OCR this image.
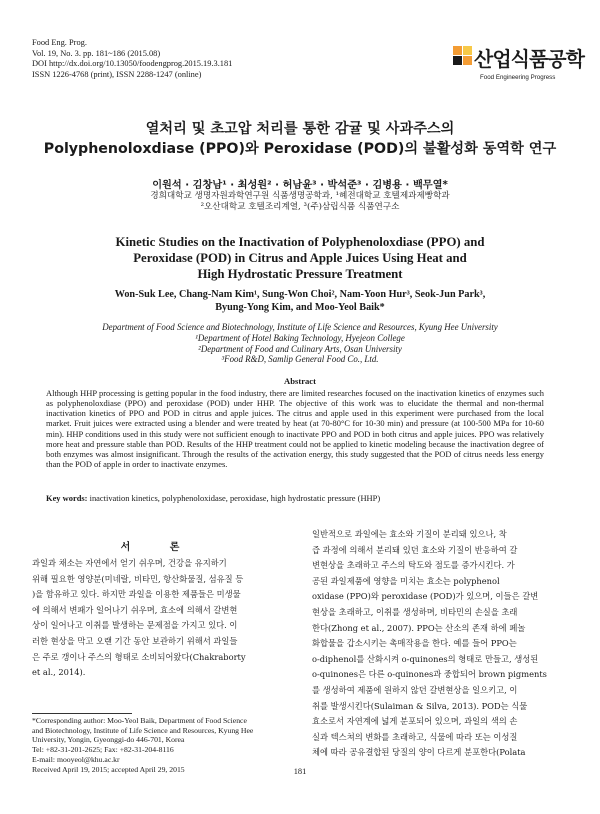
Food Eng. Prog.
Vol. 19, No. 3. pp. 181~186 (2015.08)
DOI http://dx.doi.org/10.13050/foodengprog.2015.19.3.181
ISSN 1226-4768 (print), ISSN 2288-1247 (online)
산업식품공학
Food Engineering Progress
열처리 및 초고압 처리를 통한 감귤 및 사과주스의
Polyphenoloxdiase (PPO)와 Peroxidase (POD)의 불활성화 동역학 연구
이원석 · 김창남¹ · 최성원² · 허남윤³ · 박석준³ · 김병용 · 백무열*
경희대학교 생명자원과학연구원 식품생명공학과, ¹혜전대학교 호텔제과제빵학과
²오산대학교 호텔조리계열, ³(주)삼립식품 식품연구소
Kinetic Studies on the Inactivation of Polyphenoloxdiase (PPO) and
Peroxidase (POD) in Citrus and Apple Juices Using Heat and
High Hydrostatic Pressure Treatment
Won-Suk Lee, Chang-Nam Kim¹, Sung-Won Choi², Nam-Yoon Hur³, Seok-Jun Park³,
Byung-Yong Kim, and Moo-Yeol Baik*
Department of Food Science and Biotechnology, Institute of Life Science and Resources, Kyung Hee University
¹Department of Hotel Baking Technology, Hyejeon College
²Department of Food and Culinary Arts, Osan University
³Food R&D, Samlip General Food Co., Ltd.
Abstract
Although HHP processing is getting popular in the food industry, there are limited researches focused on the inactivation kinetics of enzymes such as polyphenoloxdiase (PPO) and peroxidase (POD) under HHP. The objective of this work was to elucidate the thermal and non-thermal inactivation kinetics of PPO and POD in citrus and apple juices. The citrus and apple used in this experiment were purchased from the local market. Fruit juices were extracted using a blender and were treated by heat (at 70-80°C for 10-30 min) and pressure (at 100-500 MPa for 10-60 min). HHP conditions used in this study were not sufficient enough to inactivate PPO and POD in both citrus and apple juices. PPO was relatively more heat and pressure stable than POD. Results of the HHP treatment could not be applied to kinetic modeling because the inactivation degree of both enzymes was almost insignificant. Through the results of the activation energy, this study suggested that the POD of citrus needs less energy than the POD of apple in order to inactivate enzymes.
Key words: inactivation kinetics, polyphenoloxidase, peroxidase, high hydrostatic pressure (HHP)
서 론
과일과 채소는 자연에서 얻기 쉬우며, 건강을 유지하기
위해 필요한 영양분(미네랄, 비타민, 항산화물질, 섬유질 등
)을 함유하고 있다. 하지만 과일을 이용한 제품들은 미생물
에 의해서 변패가 일어나기 쉬우며, 효소에 의해서 갈변현
상이 일어나고 이취를 발생하는 문제점을 가지고 있다. 이
러한 현상을 막고 오랜 기간 동안 보관하기 위해서 과일들
은 주로 갱이나 주스의 형태로 소비되어왔다(Chakraborty
et al., 2014).
일반적으로 과일에는 효소와 기질이 분리돼 있으나, 착
즙 과정에 의해서 분리돼 있던 효소와 기질이 반응하여 갈
변현상을 초래하고 주스의 탁도와 점도를 증가시킨다. 가
공된 과일제품에 영향을 미치는 효소는 polyphenol
oxidase (PPO)와 peroxidase (POD)가 있으며, 이들은 갈변
현상을 초래하고, 이취를 생성하며, 비타민의 손실을 초래
한다(Zhong et al., 2007). PPO는 산소의 존재 하에 페놀
화합물을 갑소시키는 촉매작용을 한다. 예를 들어 PPO는
o-diphenol를 산화시켜 o-quinones의 형태로 만들고, 생성된
o-quinones은 다른 o-quinones과 중합되어 brown pigments
를 생성하여 제품에 원하지 않던 갈변현상을 일으키고, 이
취를 발생시킨다(Sulaiman & Silva, 2013). POD는 식물
효소로서 자연계에 넓게 분포되어 있으며, 과일의 색의 손
실과 텍스쳐의 변화를 초래하고, 식물에 따라 또는 이성질
체에 따라 공유결합된 당질의 양이 다르게 분포한다(Polata
*Corresponding author: Moo-Yeol Baik, Department of Food Science
and Biotechnology, Institute of Life Science and Resources, Kyung Hee
University, Yongin, Gyeonggi-do 446-701, Korea
Tel: +82-31-201-2625; Fax: +82-31-204-8116
E-mail: mooyeol@khu.ac.kr
Received April 19, 2015; accepted April 29, 2015	181
